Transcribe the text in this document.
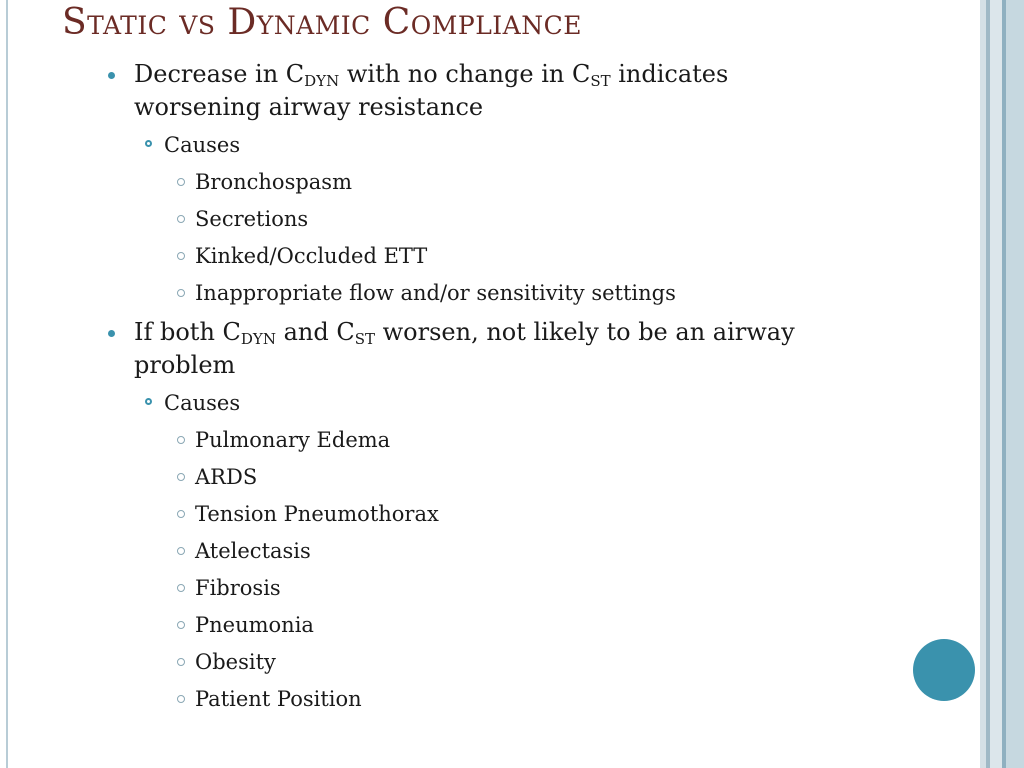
Static vs Dynamic Compliance
Decrease in $C_{DYN}$ with no change in $C_{ST}$ indicates
worsening airway resistance
Causes
Bronchospasm
Secretions
Kinked/Occluded ETT
Inappropriate flow and/or sensitivity settings
If both $C_{DYN}$ and $C_{ST}$ worsen, not likely to be an airway
problem
Causes
Pulmonary Edema
ARDS
Tension Pneumothorax
Atelectasis
Fibrosis
Pneumonia
Obesity
Patient Position
